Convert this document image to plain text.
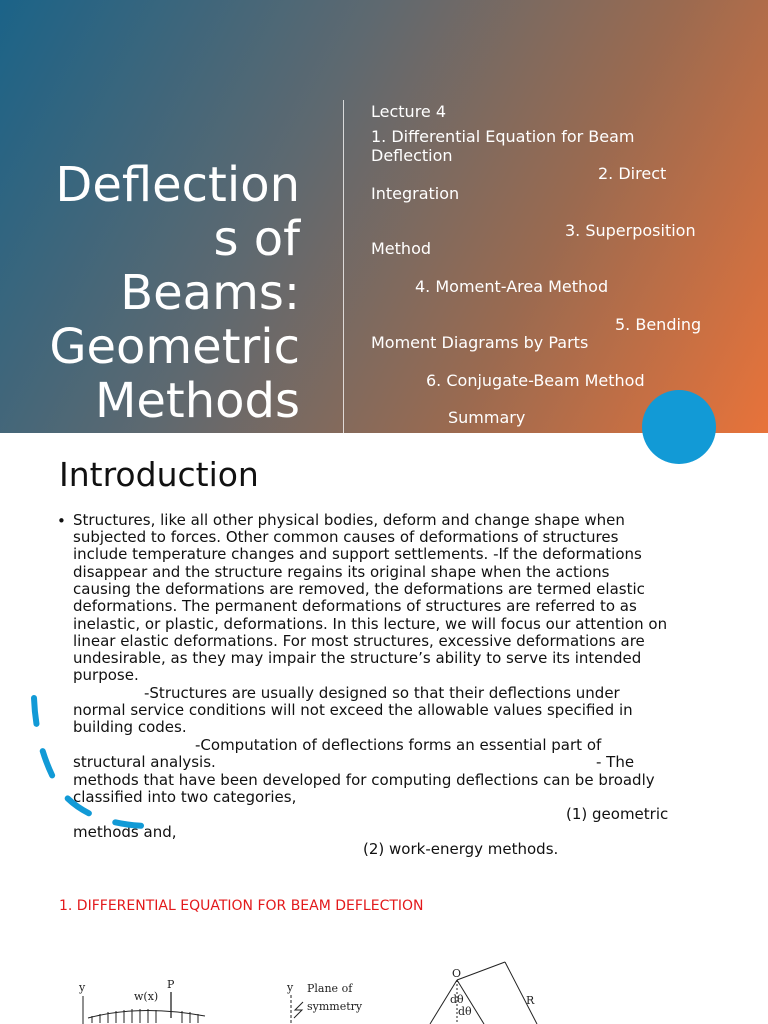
Deflection
s of
Beams:
Geometric
Methods
Lecture 4
1. Differential Equation for Beam
Deflection
2. Direct
Integration
3. Superposition
Method
4. Moment-Area Method
5. Bending
Moment Diagrams by Parts
6. Conjugate-Beam Method
Summary
Introduction
• Structures, like all other physical bodies, deform and change shape when
subjected to forces. Other common causes of deformations of structures
include temperature changes and support settlements. -If the deformations
disappear and the structure regains its original shape when the actions
causing the deformations are removed, the deformations are termed elastic
deformations. The permanent deformations of structures are referred to as
inelastic, or plastic, deformations. In this lecture, we will focus our attention on
linear elastic deformations. For most structures, excessive deformations are
undesirable, as they may impair the structure’s ability to serve its intended
purpose.
-Structures are usually designed so that their deflections under
normal service conditions will not exceed the allowable values specified in
building codes.
-Computation of deflections forms an essential part of
structural analysis.	- The
methods that have been developed for computing deflections can be broadly
classified into two categories,
(1) geometric
methods and,
(2) work-energy methods.
1. DIFFERENTIAL EQUATION FOR BEAM DEFLECTION
y
w(x)
P	y Plane of
symmetry
O
dθ
dθ
R
